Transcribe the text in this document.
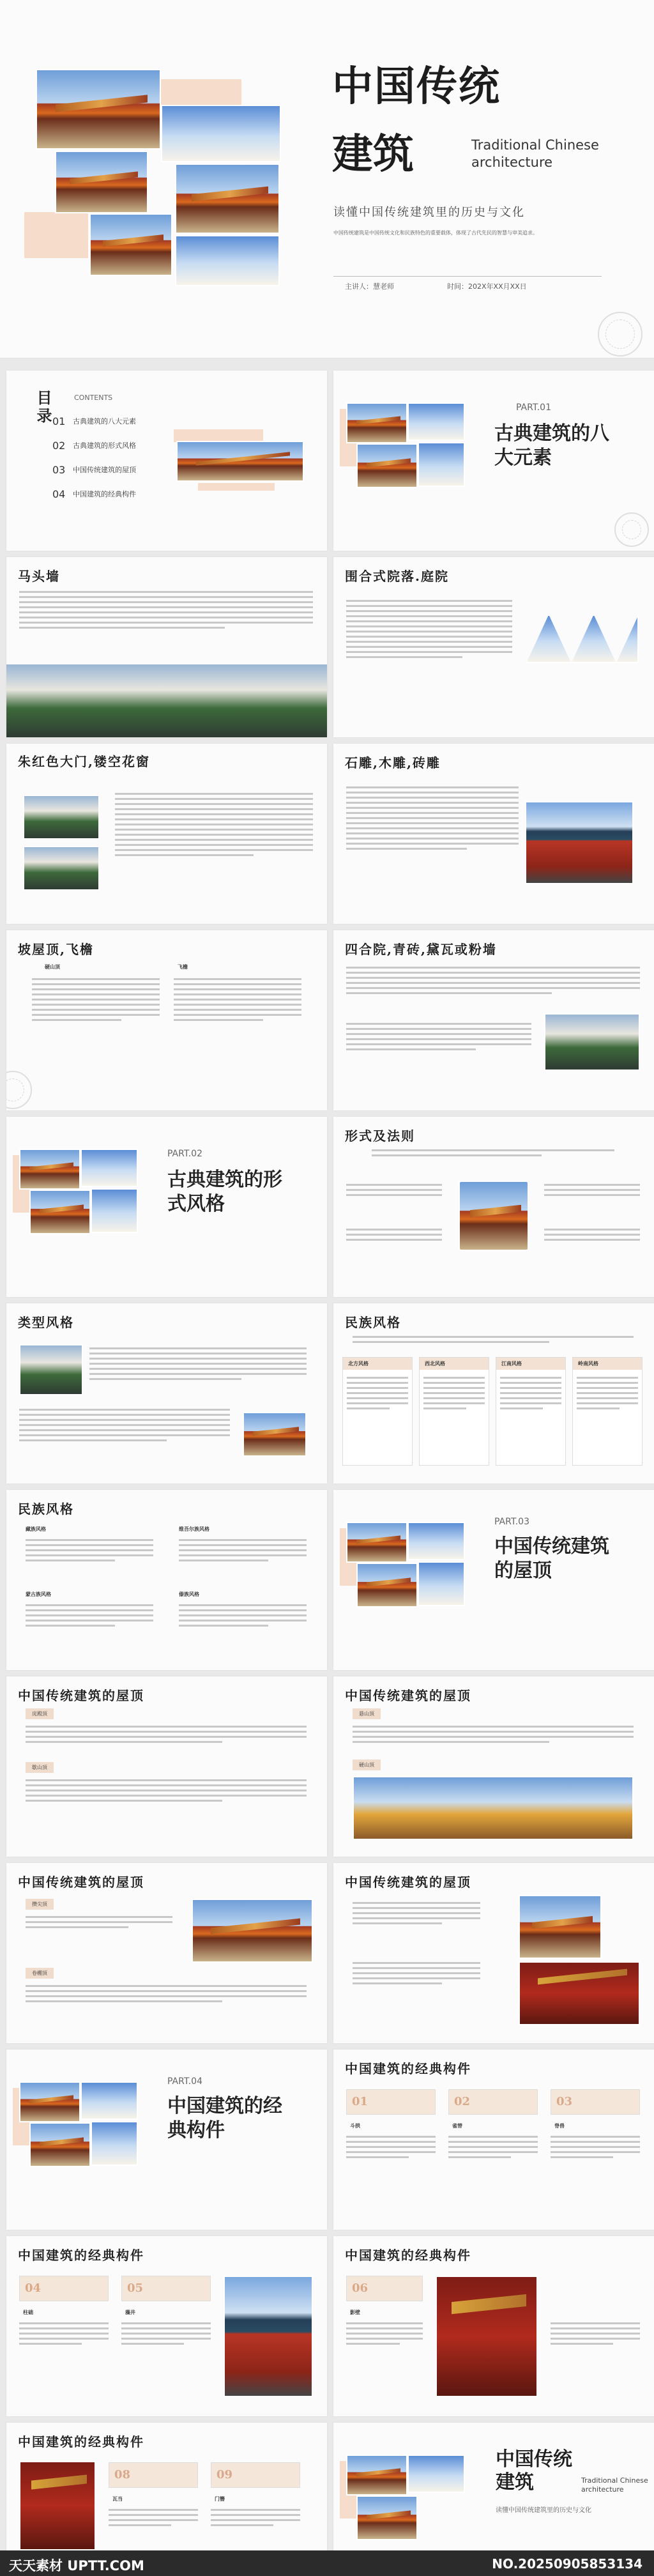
中国传统
建筑	Traditional Chinese architecture
读懂中国传统建筑里的历史与文化
中国传统建筑是中国传统文化和民族特色的重要载体，体现了古代先民的智慧与审美追求。
主讲人：慧老师	时间：202X年XX月XX日
目录	CONTENTS
01	古典建筑的八大元素
02	古典建筑的形式风格
03	中国传统建筑的屋顶
04	中国建筑的经典构件
PART.01
古典建筑的八大元素
马头墙	围合式院落.庭院
朱红色大门,镂空花窗	石雕,木雕,砖雕
坡屋顶,飞檐
硬山顶	飞檐
四合院,青砖,黛瓦或粉墙
PART.02
古典建筑的形式风格
形式及法则
类型风格	民族风格
北方风格	西北风格	江南风格	岭南风格
民族风格
藏族风格	维吾尔族风格
蒙古族风格	傣族风格
PART.03
中国传统建筑的屋顶
中国传统建筑的屋顶
庑殿顶
歇山顶
中国传统建筑的屋顶
悬山顶
硬山顶
中国传统建筑的屋顶
攒尖顶
卷棚顶
中国传统建筑的屋顶
PART.04
中国建筑的经典构件
中国建筑的经典构件
01	02	03
斗拱	雀替	脊兽
中国建筑的经典构件
04	05
柱础	藻井
中国建筑的经典构件
06
影壁
中国建筑的经典构件
08	09
瓦当	门簪
中国传统建筑	Traditional Chinese architecture
读懂中国传统建筑里的历史与文化
天天素材 UPTT.COM	NO.20250905853134
